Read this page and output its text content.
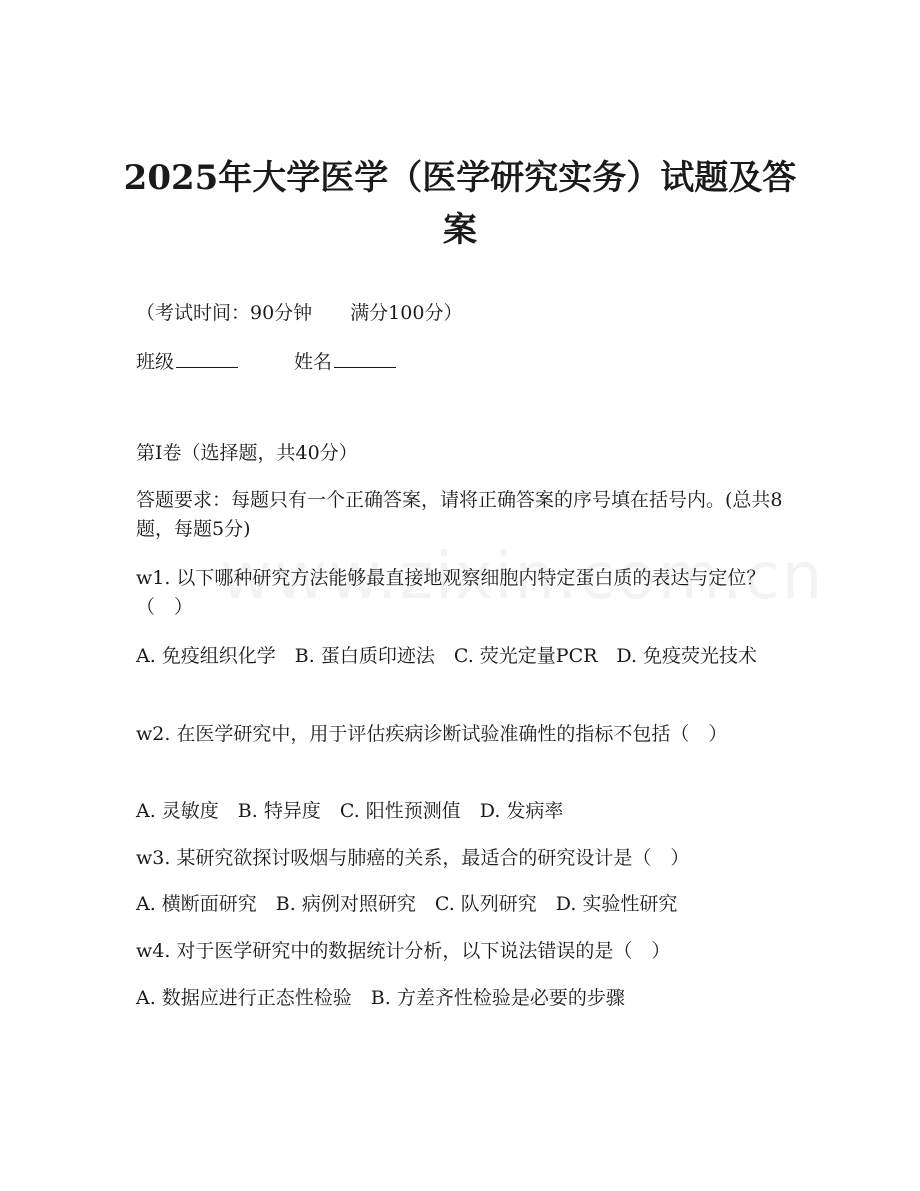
2025年大学医学（医学研究实务）试题及答案
（考试时间：90分钟　　满分100分）
班级	姓名
第I卷（选择题，共40分）
答题要求：每题只有一个正确答案，请将正确答案的序号填在括号内。(总共8题，每题5分)
w1. 以下哪种研究方法能够最直接地观察细胞内特定蛋白质的表达与定位？（　）
A. 免疫组织化学　B. 蛋白质印迹法　C. 荧光定量PCR　D. 免疫荧光技术
w2. 在医学研究中，用于评估疾病诊断试验准确性的指标不包括（　）
A. 灵敏度　B. 特异度　C. 阳性预测值　D. 发病率
w3. 某研究欲探讨吸烟与肺癌的关系，最适合的研究设计是（　）
A. 横断面研究　B. 病例对照研究　C. 队列研究　D. 实验性研究
w4. 对于医学研究中的数据统计分析，以下说法错误的是（　）
A. 数据应进行正态性检验　B. 方差齐性检验是必要的步骤
